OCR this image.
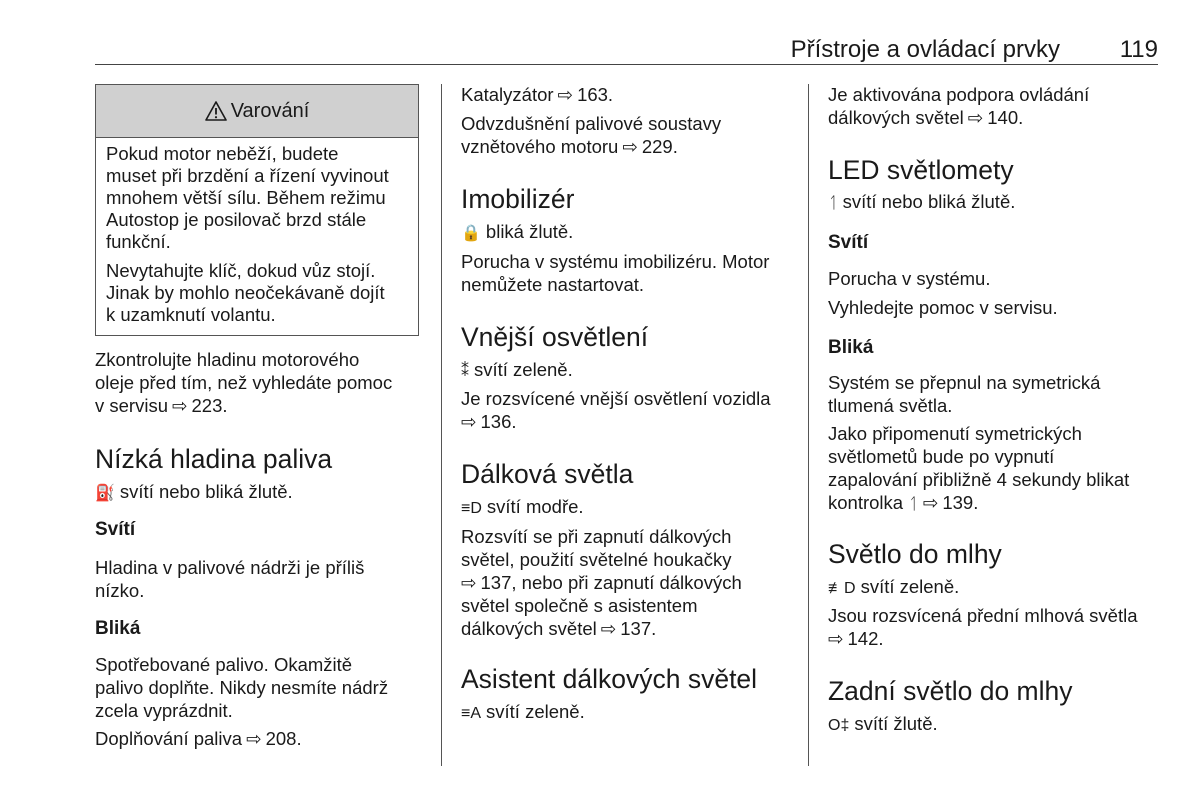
Přístroje a ovládací prvky 119
Varování

Pokud motor neběží, budete

muset při brzdění a řízení vyvinout

mnohem větší sílu. Během režimu

Autostop je posilovač brzd stále

funkční.

Nevytahujte klíč, dokud vůz stojí.

Jinak by mohlo neočekávaně dojít

k uzamknutí volantu.

Zkontrolujte hladinu motorového

oleje před tím, než vyhledáte pomoc

v servisu ⇨ 223.

Nízká hladina paliva

⛽ svítí nebo bliká žlutě.

Svítí

Hladina v palivové nádrži je příliš

nízko.

Bliká

Spotřebované palivo. Okamžitě

palivo doplňte. Nikdy nesmíte nádrž

zcela vyprázdnit.

Doplňování paliva ⇨ 208.

Katalyzátor ⇨ 163.

Odvzdušnění palivové soustavy

vznětového motoru ⇨ 229.

Imobilizér

🔒 bliká žlutě.

Porucha v systému imobilizéru. Motor

nemůžete nastartovat.

Vnější osvětlení

⁑ svítí zeleně.

Je rozsvícené vnější osvětlení vozidla

⇨ 136.

Dálková světla

≡D svítí modře.

Rozsvítí se při zapnutí dálkových

světel, použití světelné houkačky

⇨ 137, nebo při zapnutí dálkových

světel společně s asistentem

dálkových světel ⇨ 137.

Asistent dálkových světel

≡A svítí zeleně.

Je aktivována podpora ovládání

dálkových světel ⇨ 140.

LED světlomety

ᛐ svítí nebo bliká žlutě.

Svítí

Porucha v systému.

Vyhledejte pomoc v servisu.

Bliká

Systém se přepnul na symetrická

tlumená světla.

Jako připomenutí symetrických

světlometů bude po vypnutí

zapalování přibližně 4 sekundy blikat

kontrolka ᛐ ⇨ 139.

Světlo do mlhy

≢D svítí zeleně.

Jsou rozsvícená přední mlhová světla

⇨ 142.

Zadní světlo do mlhy

O‡ svítí žlutě.
